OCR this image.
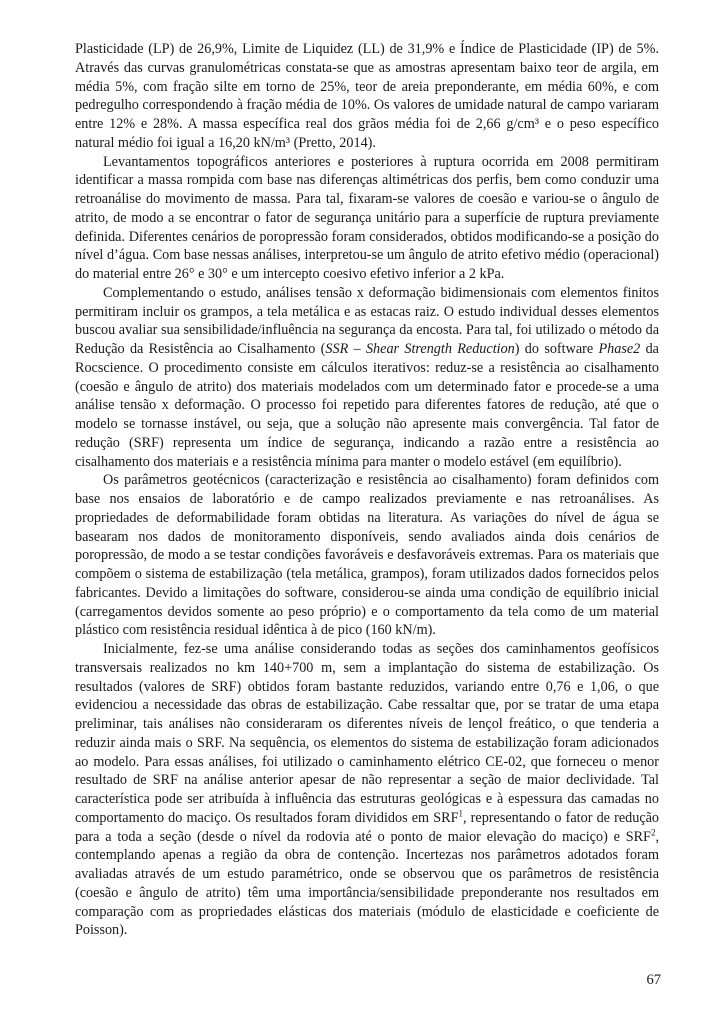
Plasticidade (LP) de 26,9%, Limite de Liquidez (LL) de 31,9% e Índice de Plasticidade (IP) de 5%. Através das curvas granulométricas constata-se que as amostras apresentam baixo teor de argila, em média 5%, com fração silte em torno de 25%, teor de areia preponderante, em média 60%, e com pedregulho correspondendo à fração média de 10%. Os valores de umidade natural de campo variaram entre 12% e 28%. A massa específica real dos grãos média foi de 2,66 g/cm³ e o peso específico natural médio foi igual a 16,20 kN/m³ (Pretto, 2014).

Levantamentos topográficos anteriores e posteriores à ruptura ocorrida em 2008 permitiram identificar a massa rompida com base nas diferenças altimétricas dos perfis, bem como conduzir uma retroanálise do movimento de massa. Para tal, fixaram-se valores de coesão e variou-se o ângulo de atrito, de modo a se encontrar o fator de segurança unitário para a superfície de ruptura previamente definida. Diferentes cenários de poropressão foram considerados, obtidos modificando-se a posição do nível d’água. Com base nessas análises, interpretou-se um ângulo de atrito efetivo médio (operacional) do material entre 26° e 30° e um intercepto coesivo efetivo inferior a 2 kPa.

Complementando o estudo, análises tensão x deformação bidimensionais com elementos finitos permitiram incluir os grampos, a tela metálica e as estacas raiz. O estudo individual desses elementos buscou avaliar sua sensibilidade/influência na segurança da encosta. Para tal, foi utilizado o método da Redução da Resistência ao Cisalhamento (SSR – Shear Strength Reduction) do software Phase2 da Rocscience. O procedimento consiste em cálculos iterativos: reduz-se a resistência ao cisalhamento (coesão e ângulo de atrito) dos materiais modelados com um determinado fator e procede-se a uma análise tensão x deformação. O processo foi repetido para diferentes fatores de redução, até que o modelo se tornasse instável, ou seja, que a solução não apresente mais convergência. Tal fator de redução (SRF) representa um índice de segurança, indicando a razão entre a resistência ao cisalhamento dos materiais e a resistência mínima para manter o modelo estável (em equilíbrio).

Os parâmetros geotécnicos (caracterização e resistência ao cisalhamento) foram definidos com base nos ensaios de laboratório e de campo realizados previamente e nas retroanálises. As propriedades de deformabilidade foram obtidas na literatura. As variações do nível de água se basearam nos dados de monitoramento disponíveis, sendo avaliados ainda dois cenários de poropressão, de modo a se testar condições favoráveis e desfavoráveis extremas. Para os materiais que compõem o sistema de estabilização (tela metálica, grampos), foram utilizados dados fornecidos pelos fabricantes. Devido a limitações do software, considerou-se ainda uma condição de equilíbrio inicial (carregamentos devidos somente ao peso próprio) e o comportamento da tela como de um material plástico com resistência residual idêntica à de pico (160 kN/m).

Inicialmente, fez-se uma análise considerando todas as seções dos caminhamentos geofísicos transversais realizados no km 140+700 m, sem a implantação do sistema de estabilização. Os resultados (valores de SRF) obtidos foram bastante reduzidos, variando entre 0,76 e 1,06, o que evidenciou a necessidade das obras de estabilização. Cabe ressaltar que, por se tratar de uma etapa preliminar, tais análises não consideraram os diferentes níveis de lençol freático, o que tenderia a reduzir ainda mais o SRF. Na sequência, os elementos do sistema de estabilização foram adicionados ao modelo. Para essas análises, foi utilizado o caminhamento elétrico CE-02, que forneceu o menor resultado de SRF na análise anterior apesar de não representar a seção de maior declividade. Tal característica pode ser atribuída à influência das estruturas geológicas e à espessura das camadas no comportamento do maciço. Os resultados foram divididos em SRF$^1$, representando o fator de redução para a toda a seção (desde o nível da rodovia até o ponto de maior elevação do maciço) e SRF$^2$, contemplando apenas a região da obra de contenção. Incertezas nos parâmetros adotados foram avaliadas através de um estudo paramétrico, onde se observou que os parâmetros de resistência (coesão e ângulo de atrito) têm uma importância/sensibilidade preponderante nos resultados em comparação com as propriedades elásticas dos materiais (módulo de elasticidade e coeficiente de Poisson).

67
